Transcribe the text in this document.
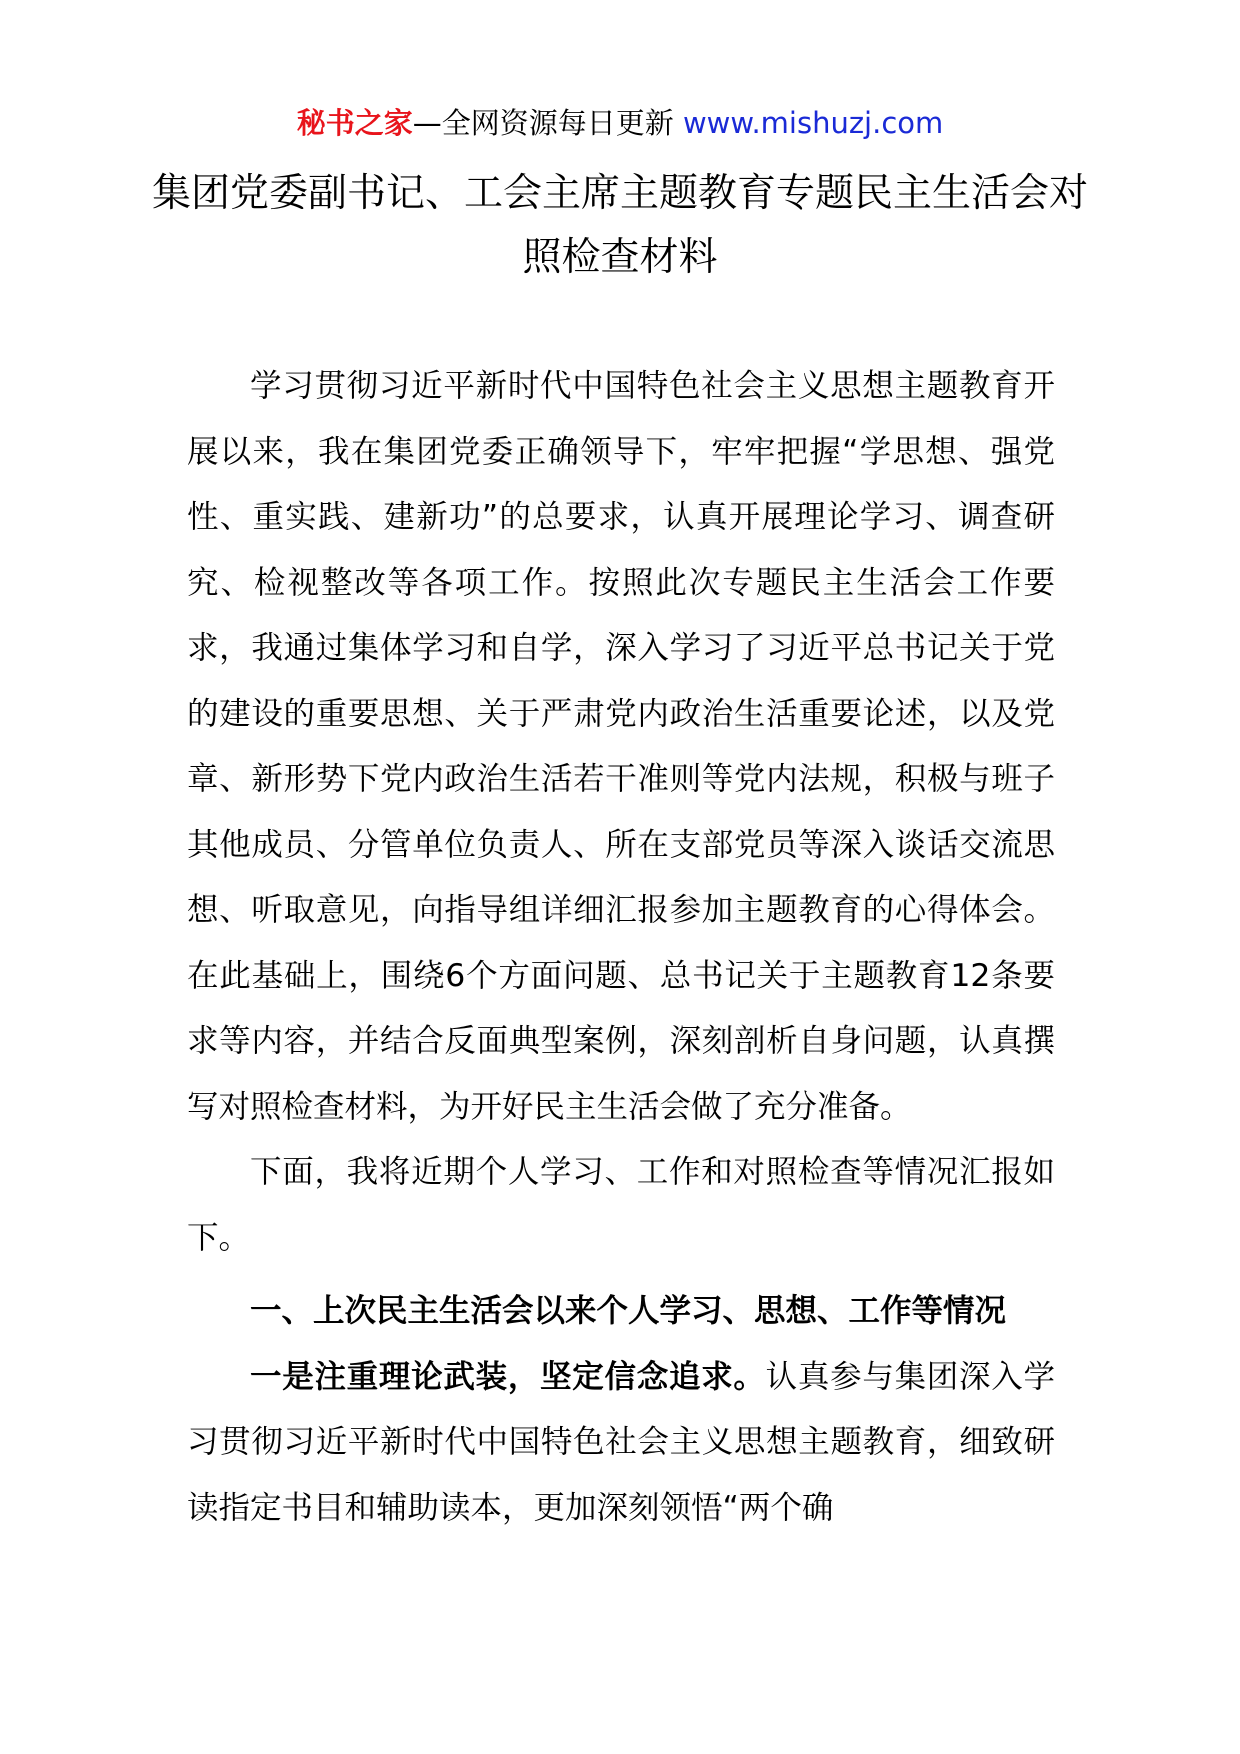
秘书之家—全网资源每日更新 www.mishuzj.com
集团党委副书记、工会主席主题教育专题民主生活会对照检查材料

学习贯彻习近平新时代中国特色社会主义思想主题教育开展以来，我在集团党委正确领导下，牢牢把握“学思想、强党性、重实践、建新功”的总要求，认真开展理论学习、调查研究、检视整改等各项工作。按照此次专题民主生活会工作要求，我通过集体学习和自学，深入学习了习近平总书记关于党的建设的重要思想、关于严肃党内政治生活重要论述，以及党章、新形势下党内政治生活若干准则等党内法规，积极与班子其他成员、分管单位负责人、所在支部党员等深入谈话交流思想、听取意见，向指导组详细汇报参加主题教育的心得体会。在此基础上，围绕6个方面问题、总书记关于主题教育12条要求等内容，并结合反面典型案例，深刻剖析自身问题，认真撰写对照检查材料，为开好民主生活会做了充分准备。

下面，我将近期个人学习、工作和对照检查等情况汇报如下。

一、上次民主生活会以来个人学习、思想、工作等情况

一是注重理论武装，坚定信念追求。认真参与集团深入学习贯彻习近平新时代中国特色社会主义思想主题教育，细致研读指定书目和辅助读本，更加深刻领悟“两个确
